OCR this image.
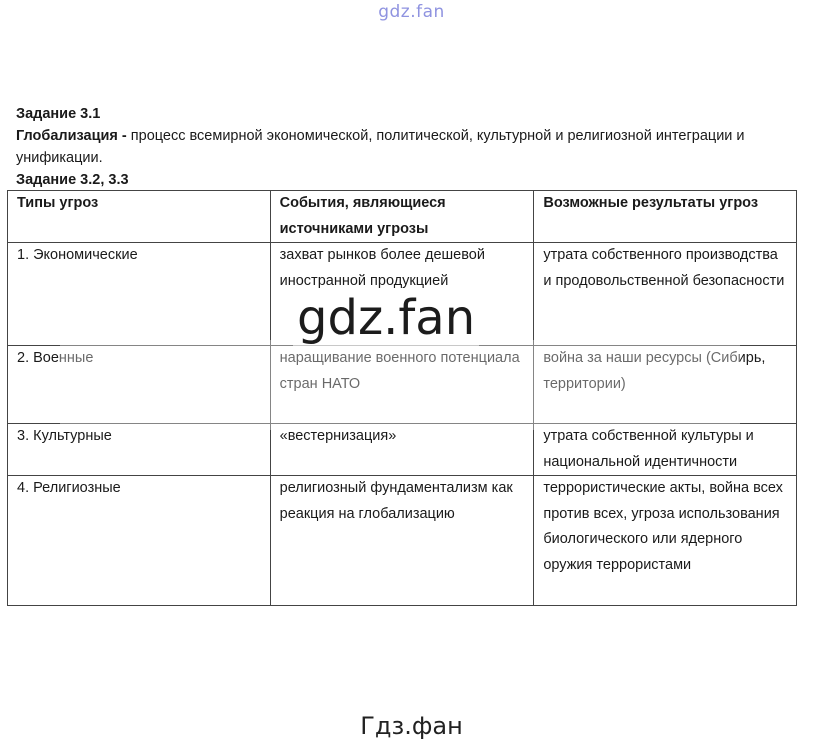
gdz.fan

Задание 3.1

Глобализация - процесс всемирной экономической, политической, культурной и религиозной интеграции и унификации.

Задание 3.2, 3.3

Типы угроз	События, являющиеся источниками угрозы	Возможные результаты угроз
1. Экономические	захват рынков более дешевой иностранной продукцией	утрата собственного производства и продовольственной безопасности
2. Военные	наращивание военного потенциала стран НАТО	война за наши ресурсы (Сибирь, территории)
3. Культурные	«вестернизация»	утрата собственной культуры и национальной идентичности
4. Религиозные	религиозный фундаментализм как реакция на глобализацию	террористические акты, война всех против всех, угроза использования биологического или ядерного оружия террористами
gdz.fan
Гдз.фан
